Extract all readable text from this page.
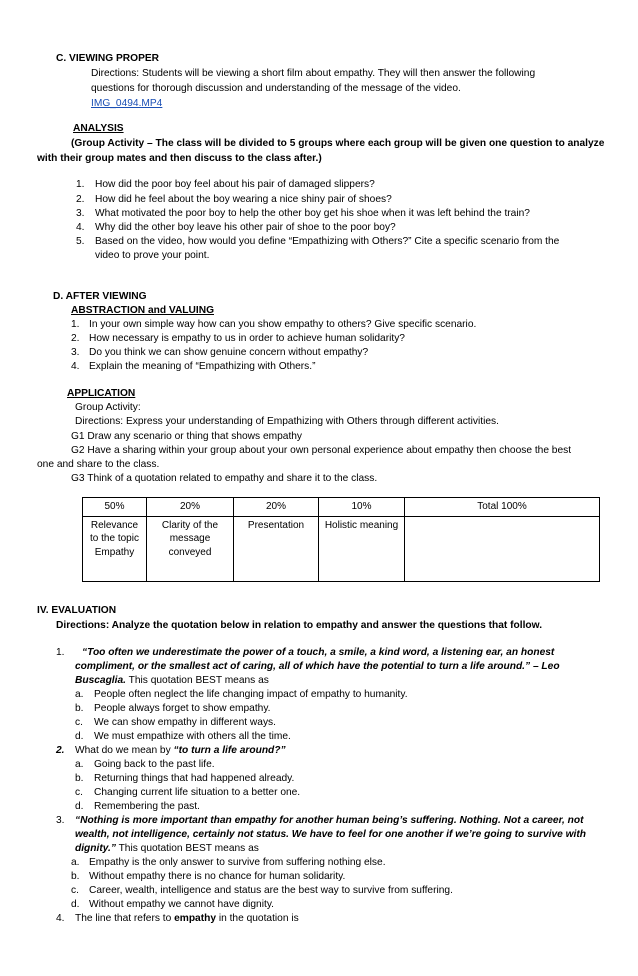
C. VIEWING PROPER
Directions: Students will be viewing a short film about empathy. They will then answer the following
questions for thorough discussion and understanding of the message of the video.
IMG_0494.MP4
ANALYSIS
(Group Activity – The class will be divided to 5 groups where each group will be given one question to analyze
with their group mates and then discuss to the class after.)
1. How did the poor boy feel about his pair of damaged slippers?
2. How did he feel about the boy wearing a nice shiny pair of shoes?
3. What motivated the poor boy to help the other boy get his shoe when it was left behind the train?
4. Why did the other boy leave his other pair of shoe to the poor boy?
5. Based on the video, how would you define “Empathizing with Others?” Cite a specific scenario from the
video to prove your point.
D. AFTER VIEWING
ABSTRACTION and VALUING
1. In your own simple way how can you show empathy to others? Give specific scenario.
2. How necessary is empathy to us in order to achieve human solidarity?
3. Do you think we can show genuine concern without empathy?
4. Explain the meaning of “Empathizing with Others.”
APPLICATION
Group Activity:
Directions: Express your understanding of Empathizing with Others through different activities.
G1 Draw any scenario or thing that shows empathy
G2 Have a sharing within your group about your own personal experience about empathy then choose the best
one and share to the class.
G3 Think of a quotation related to empathy and share it to the class.
50%	20%	20%	10%	Total 100%
Relevance to the topic Empathy	Clarity of the message conveyed	Presentation	Holistic meaning	
IV. EVALUATION
Directions: Analyze the quotation below in relation to empathy and answer the questions that follow.
1. “Too often we underestimate the power of a touch, a smile, a kind word, a listening ear, an honest
compliment, or the smallest act of caring, all of which have the potential to turn a life around.” – Leo
Buscaglia. This quotation BEST means as
a. People often neglect the life changing impact of empathy to humanity.
b. People always forget to show empathy.
c. We can show empathy in different ways.
d. We must empathize with others all the time.
2. What do we mean by “to turn a life around?”
a. Going back to the past life.
b. Returning things that had happened already.
c. Changing current life situation to a better one.
d. Remembering the past.
3. “Nothing is more important than empathy for another human being’s suffering. Nothing. Not a career, not
wealth, not intelligence, certainly not status. We have to feel for one another if we’re going to survive with
dignity.” This quotation BEST means as
a. Empathy is the only answer to survive from suffering nothing else.
b. Without empathy there is no chance for human solidarity.
c. Career, wealth, intelligence and status are the best way to survive from suffering.
d. Without empathy we cannot have dignity.
4. The line that refers to empathy in the quotation is
